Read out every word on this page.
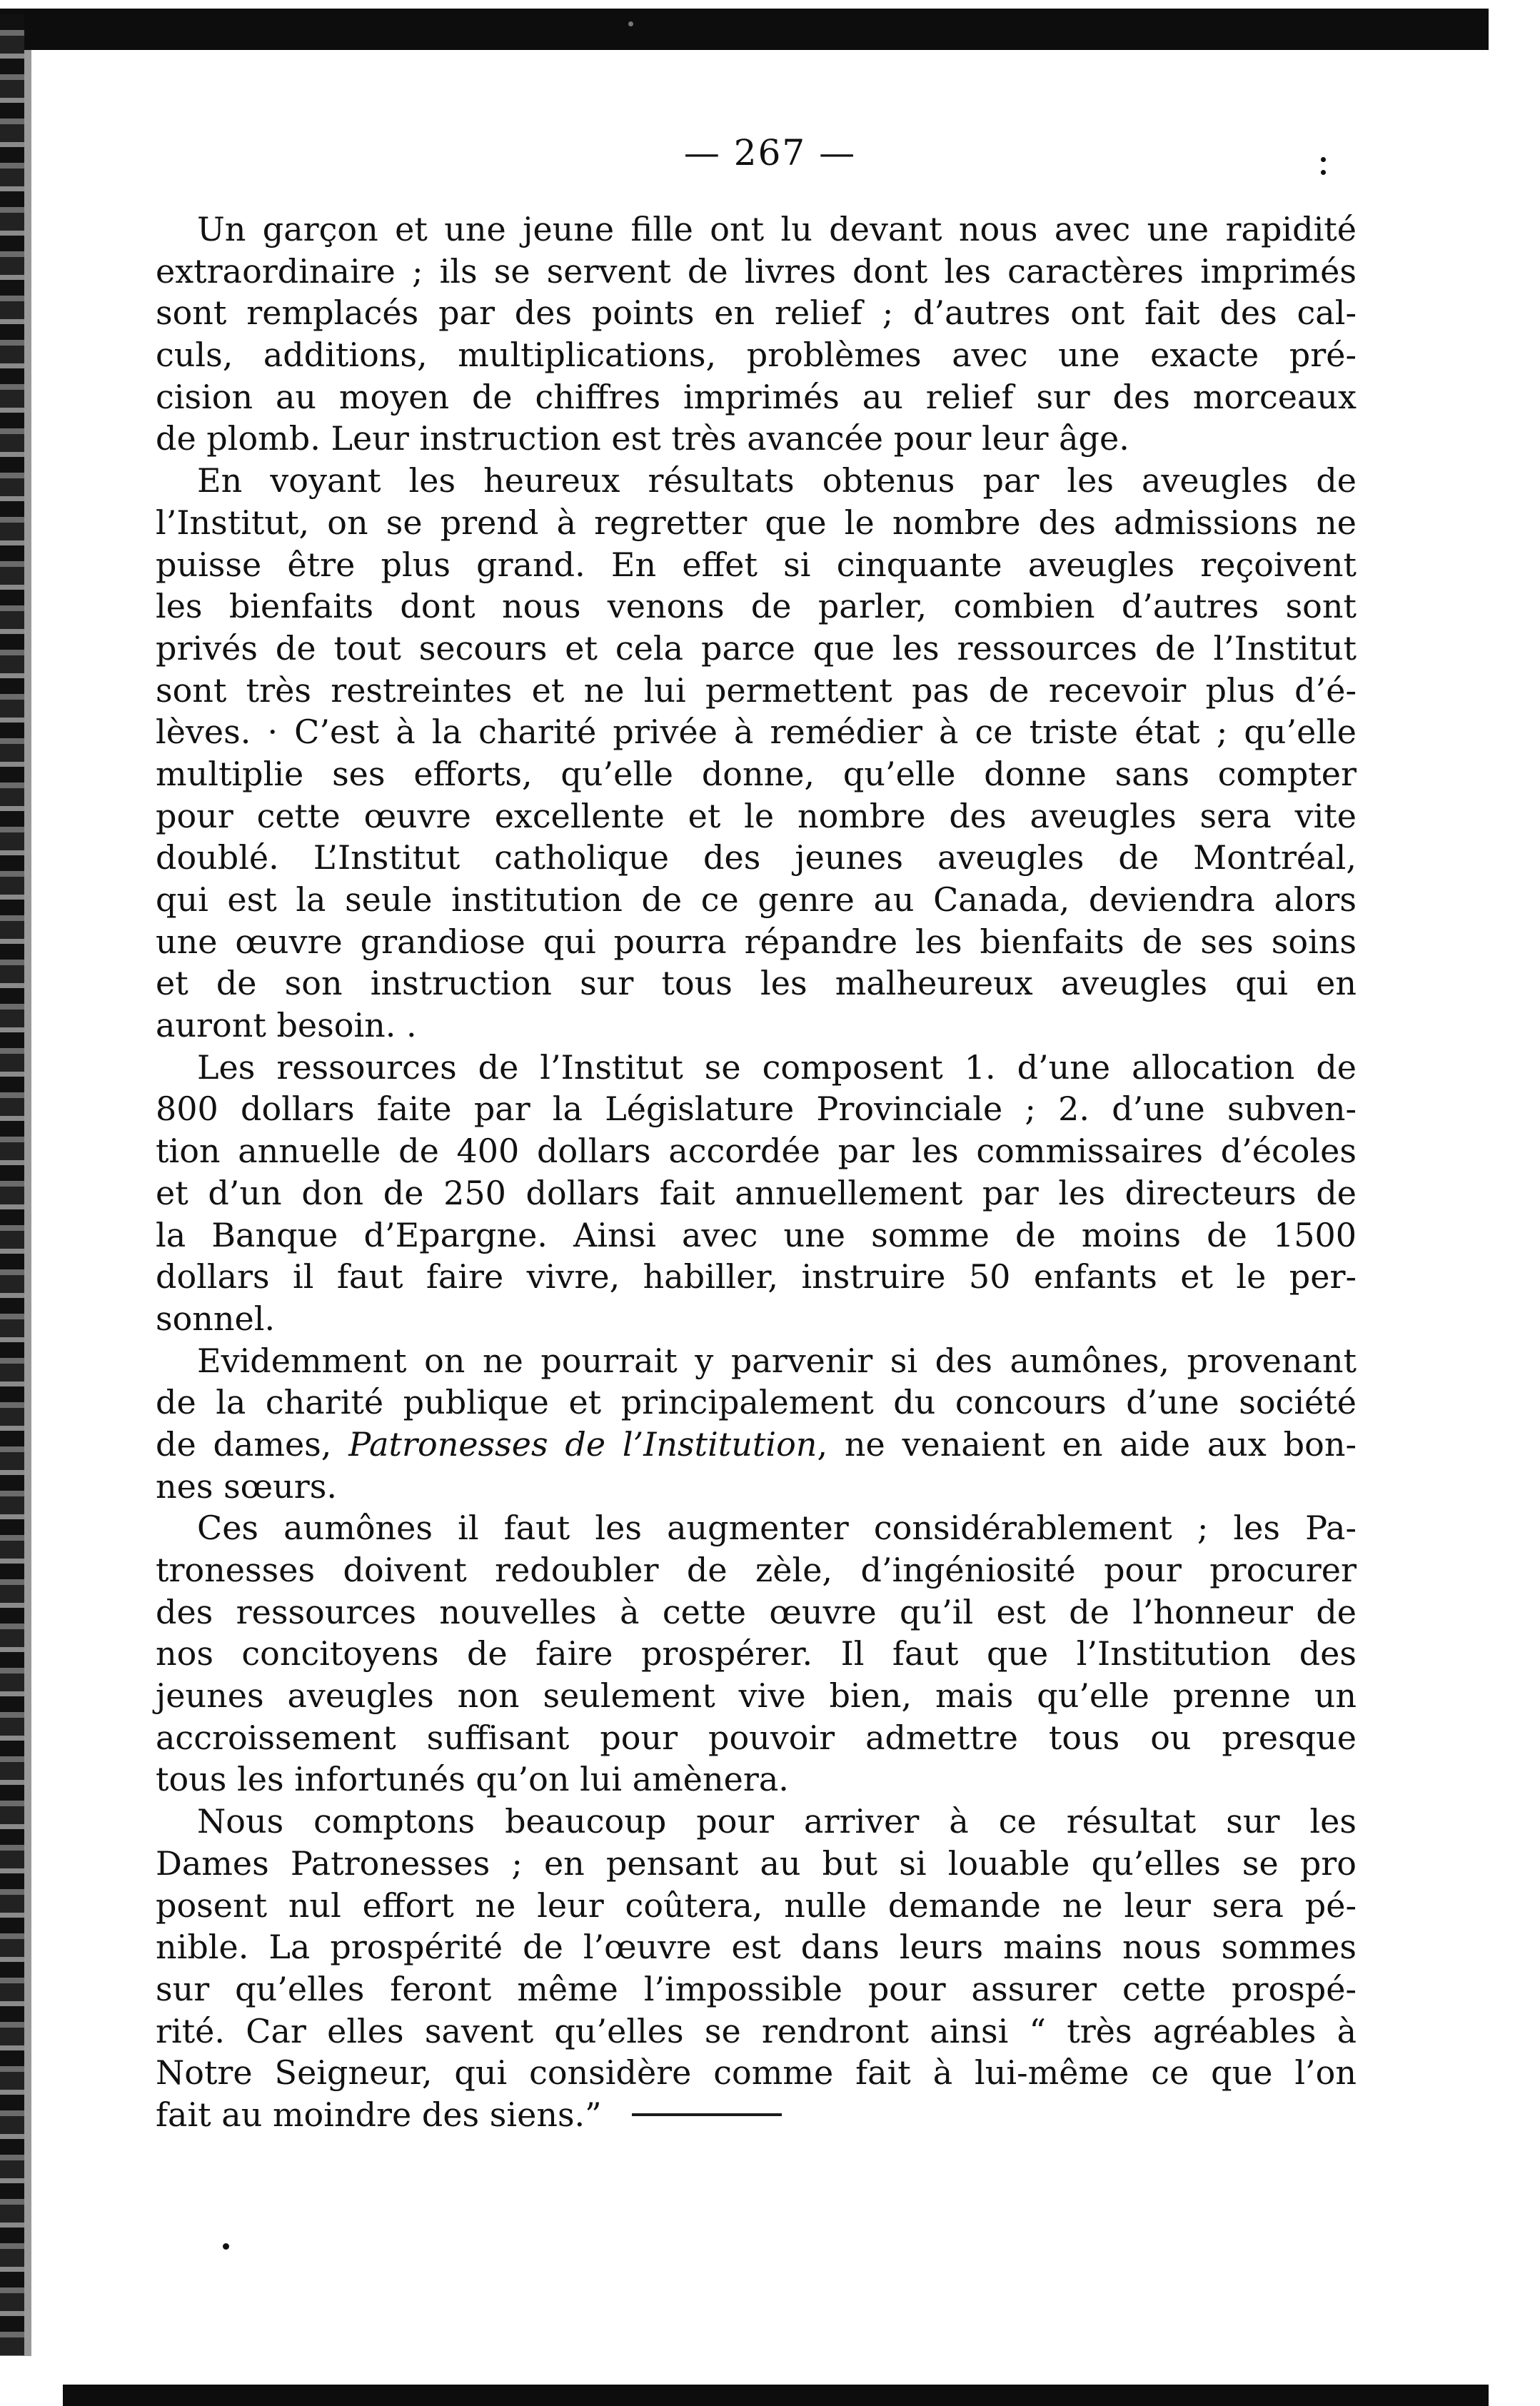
— 267 —
Un garçon et une jeune fille ont lu devant nous avec une rapidité
extraordinaire ; ils se servent de livres dont les caractères imprimés
sont remplacés par des points en relief ; d’autres ont fait des cal-
culs, additions, multiplications, problèmes avec une exacte pré-
cision au moyen de chiffres imprimés au relief sur des morceaux
de plomb. Leur instruction est très avancée pour leur âge.
En voyant les heureux résultats obtenus par les aveugles de
l’Institut, on se prend à regretter que le nombre des admissions ne
puisse être plus grand. En effet si cinquante aveugles reçoivent
les bienfaits dont nous venons de parler, combien d’autres sont
privés de tout secours et cela parce que les ressources de l’Institut
sont très restreintes et ne lui permettent pas de recevoir plus d’é-
lèves. · C’est à la charité privée à remédier à ce triste état ; qu’elle
multiplie ses efforts, qu’elle donne, qu’elle donne sans compter
pour cette œuvre excellente et le nombre des aveugles sera vite
doublé. L’Institut catholique des jeunes aveugles de Montréal,
qui est la seule institution de ce genre au Canada, deviendra alors
une œuvre grandiose qui pourra répandre les bienfaits de ses soins
et de son instruction sur tous les malheureux aveugles qui en
auront besoin. .
Les ressources de l’Institut se composent 1. d’une allocation de
800 dollars faite par la Législature Provinciale ; 2. d’une subven-
tion annuelle de 400 dollars accordée par les commissaires d’écoles
et d’un don de 250 dollars fait annuellement par les directeurs de
la Banque d’Epargne. Ainsi avec une somme de moins de 1500
dollars il faut faire vivre, habiller, instruire 50 enfants et le per-
sonnel.
Evidemment on ne pourrait y parvenir si des aumônes, provenant
de la charité publique et principalement du concours d’une société
de dames, Patronesses de l’Institution, ne venaient en aide aux bon-
nes sœurs.
Ces aumônes il faut les augmenter considérablement ; les Pa-
tronesses doivent redoubler de zèle, d’ingéniosité pour procurer
des ressources nouvelles à cette œuvre qu’il est de l’honneur de
nos concitoyens de faire prospérer. Il faut que l’Institution des
jeunes aveugles non seulement vive bien, mais qu’elle prenne un
accroissement suffisant pour pouvoir admettre tous ou presque
tous les infortunés qu’on lui amènera.
Nous comptons beaucoup pour arriver à ce résultat sur les
Dames Patronesses ; en pensant au but si louable qu’elles se pro
posent nul effort ne leur coûtera, nulle demande ne leur sera pé-
nible. La prospérité de l’œuvre est dans leurs mains nous sommes
sur qu’elles feront même l’impossible pour assurer cette prospé-
rité. Car elles savent qu’elles se rendront ainsi “ très agréables à
Notre Seigneur, qui considère comme fait à lui-même ce que l’on
fait au moindre des siens.”
